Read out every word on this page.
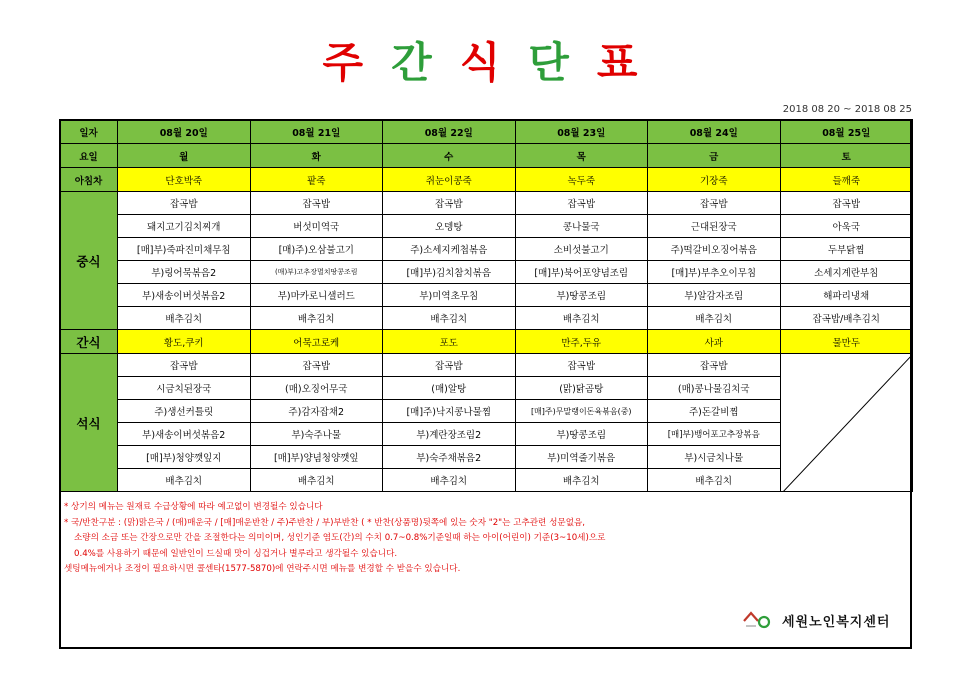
주간식단표
2018 08 20 ~ 2018 08 25
일자	08월 20일	08월 21일	08월 22일	08월 23일	08월 24일	08월 25일
요일	월	화	수	목	금	토
아침차	단호박죽	팥죽	쥐눈이콩죽	녹두죽	기장죽	들깨죽
중식	잡곡밥	잡곡밥	잡곡밥	잡곡밥	잡곡밥	잡곡밥
	돼지고기김치찌개	버섯미역국	오뎅탕	콩나물국	근대된장국	아욱국
	[매]부)죽파진미채무침	[매)주)오삼불고기	주)소세지케첩볶음	소비섯불고기	주)떡갈비오징어볶음	두부닭찜
	부)링어묵볶음2	(매)부)고추장멸치땅콩조림	[매]부)김치참치볶음	[매]부)북어포양념조림	[매]부)부추오이무침	소세지계란부침
	부)새송이버섯볶음2	부)마카로니샐러드	부)미역초무침	부)땅콩조림	부)알감자조림	해파리냉채
	배추김치	배추김치	배추김치	배추김치	배추김치	잡곡밥/배추김치
간식	황도,쿠키	어묵고로케	포도	만주,두유	사과	물만두
석식	잡곡밥	잡곡밥	잡곡밥	잡곡밥	잡곡밥	

	시금치된장국	(매)오징어무국	(매)알탕	(맑)닭곰탕	(매)콩나물김치국	
	주)생선커틀릿	주)감자잡채2	[매]주)낙지콩나물찜	[매]주)무말랭이돈육볶음(중)	주)돈갈비찜	
	부)새송이버섯볶음2	부)숙주나물	부)계란장조림2	부)땅콩조림	[매]부)뱅어포고추장볶음	
	[매]부)청양깻잎지	[매]부)양념청양깻잎	부)숙주채볶음2	부)미역줄기볶음	부)시금치나물	
	배추김치	배추김치	배추김치	배추김치	배추김치	
* 상기의 메뉴는 원재료 수급상황에 따라 예고없이 변경될수 있습니다
* 국/반찬구분 : (맑)맑은국 / (매)매운국 / [매]매운반찬 / 주)주반찬 / 부)부반찬 ( * 반찬(상품명)뒷쪽에 있는 숫자 "2"는 고추관련 성문없음,
소량의 소금 또는 간장으로만 간을 조절한다는 의미이며, 성인기준 염도(간)의 수치 0.7~0.8%기준일때 하는 아이(어린이) 기준(3~10세)으로
0.4%를 사용하기 때문에 일반인이 드실때 맛이 싱겁거나 별루라고 생각될수 있습니다.
셋팅메뉴에거나 조정이 필요하시면 콜센타(1577-5870)에 연락주시면 메뉴를 변경할 수 받을수 있습니다.
세원노인복지센터
